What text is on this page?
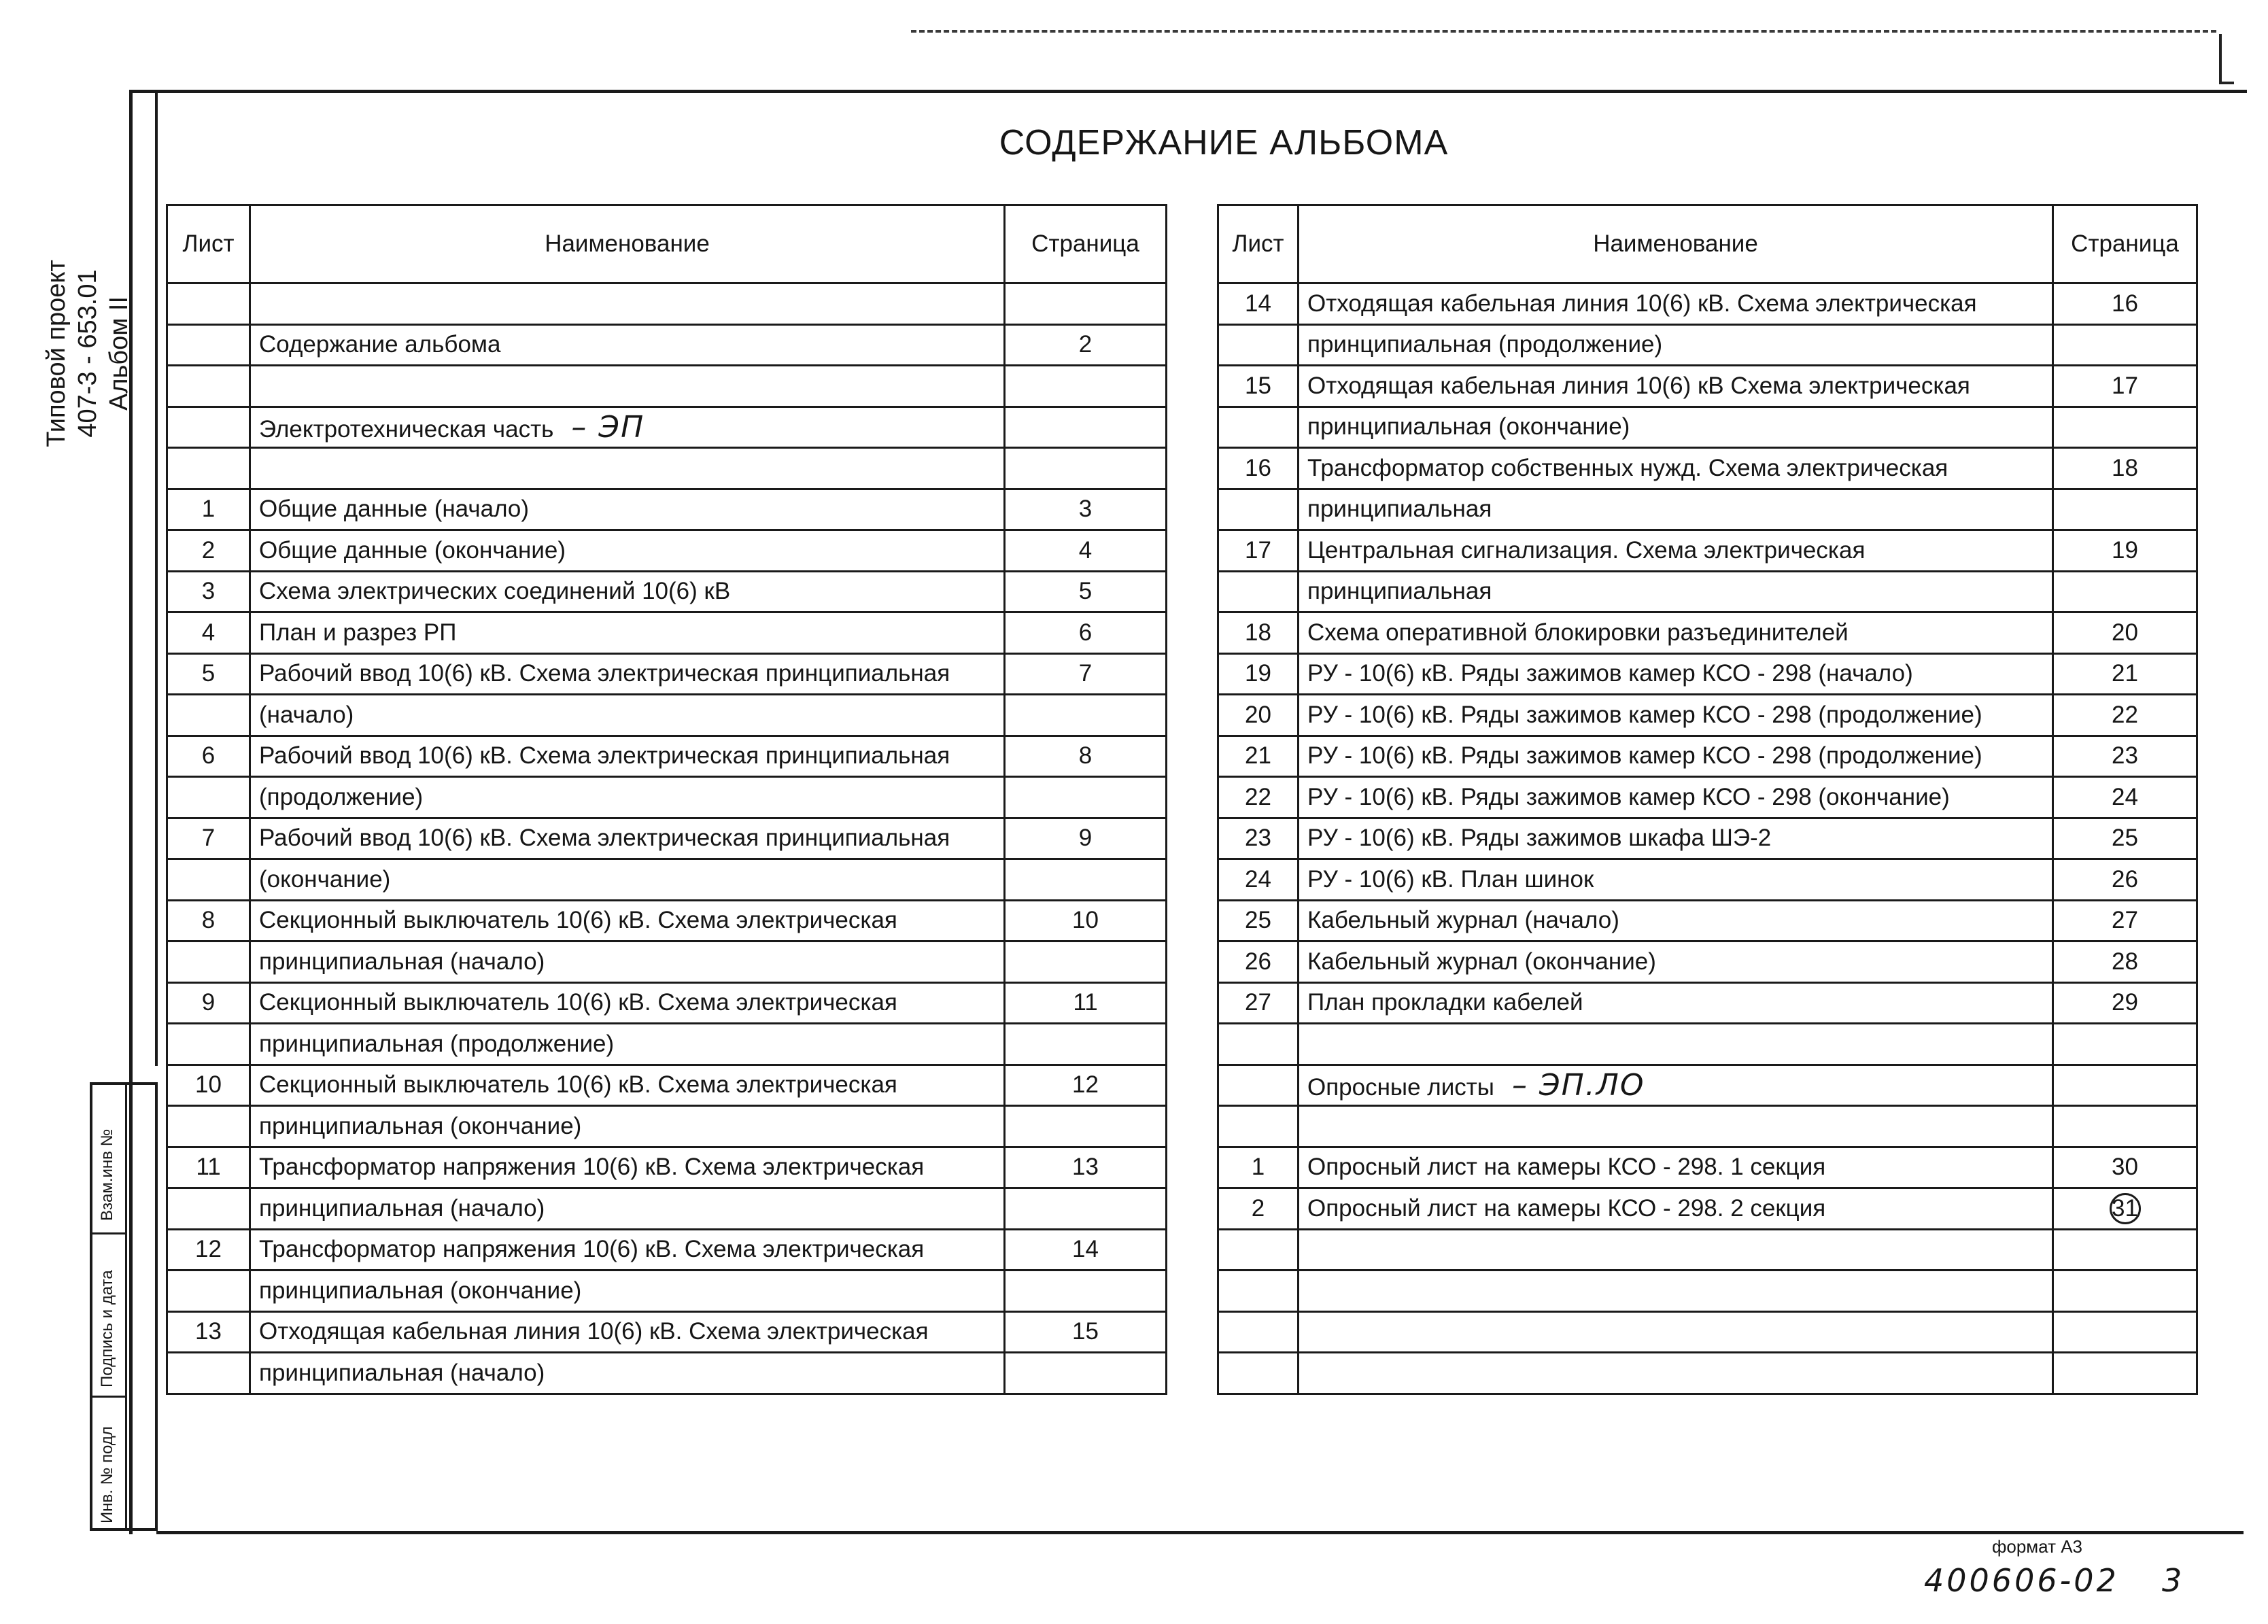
Типовой проект 407-3 - 653.01 Альбом II
Взам.инв №
Подпись и дата
Инв. № подл
СОДЕРЖАНИЕ АЛЬБОМА
Лист	Наименование	Страница

	Содержание альбома	2

	Электротехническая часть – ЭП	

1	Общие данные (начало)	3
2	Общие данные (окончание)	4
3	Схема электрических соединений 10(6) кВ	5
4	План и разрез РП	6
5	Рабочий ввод 10(6) кВ. Схема электрическая принципиальная	7
	(начало)	
6	Рабочий ввод 10(6) кВ. Схема электрическая принципиальная	8
	(продолжение)	
7	Рабочий ввод 10(6) кВ. Схема электрическая принципиальная	9
	(окончание)	
8	Секционный выключатель 10(6) кВ. Схема электрическая	10
	принципиальная (начало)	
9	Секционный выключатель 10(6) кВ. Схема электрическая	11
	принципиальная (продолжение)	
10	Секционный выключатель 10(6) кВ. Схема электрическая	12
	принципиальная (окончание)	
11	Трансформатор напряжения 10(6) кВ. Схема электрическая	13
	принципиальная (начало)	
12	Трансформатор напряжения 10(6) кВ. Схема электрическая	14
	принципиальная (окончание)	
13	Отходящая кабельная линия 10(6) кВ. Схема электрическая	15
	принципиальная (начало)	
Лист	Наименование	Страница
14	Отходящая кабельная линия 10(6) кВ. Схема электрическая	16
	принципиальная (продолжение)	
15	Отходящая кабельная линия 10(6) кВ Схема электрическая	17
	принципиальная (окончание)	
16	Трансформатор собственных нужд. Схема электрическая	18
	принципиальная	
17	Центральная сигнализация. Схема электрическая	19
	принципиальная	
18	Схема оперативной блокировки разъединителей	20
19	РУ - 10(6) кВ. Ряды зажимов камер КСО - 298 (начало)	21
20	РУ - 10(6) кВ. Ряды зажимов камер КСО - 298 (продолжение)	22
21	РУ - 10(6) кВ. Ряды зажимов камер КСО - 298 (продолжение)	23
22	РУ - 10(6) кВ. Ряды зажимов камер КСО - 298 (окончание)	24
23	РУ - 10(6) кВ. Ряды зажимов шкафа ШЭ-2	25
24	РУ - 10(6) кВ. План шинок	26
25	Кабельный журнал (начало)	27
26	Кабельный журнал (окончание)	28
27	План прокладки кабелей	29

	Опросные листы – ЭП.ЛО	

1	Опросный лист на камеры КСО - 298. 1 секция	30
2	Опросный лист на камеры КСО - 298. 2 секция	31

формат А3
400606-02 3
